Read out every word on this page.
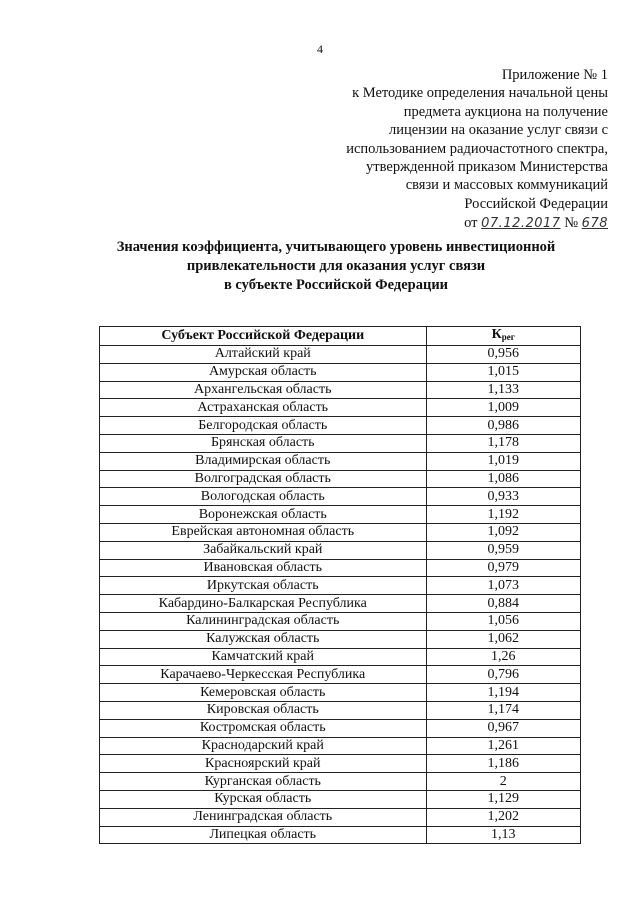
4
Приложение № 1
к Методике определения начальной цены
предмета аукциона на получение
лицензии на оказание услуг связи с
использованием радиочастотного спектра,
утвержденной приказом Министерства
связи и массовых коммуникаций
Российской Федерации
от 07.12.2017 № 678
Значения коэффициента, учитывающего уровень инвестиционной
привлекательности для оказания услуг связи
в субъекте Российской Федерации
Субъект Российской Федерации	Крег
Алтайский край	0,956
Амурская область	1,015
Архангельская область	1,133
Астраханская область	1,009
Белгородская область	0,986
Брянская область	1,178
Владимирская область	1,019
Волгоградская область	1,086
Вологодская область	0,933
Воронежская область	1,192
Еврейская автономная область	1,092
Забайкальский край	0,959
Ивановская область	0,979
Иркутская область	1,073
Кабардино-Балкарская Республика	0,884
Калининградская область	1,056
Калужская область	1,062
Камчатский край	1,26
Карачаево-Черкесская Республика	0,796
Кемеровская область	1,194
Кировская область	1,174
Костромская область	0,967
Краснодарский край	1,261
Красноярский край	1,186
Курганская область	2
Курская область	1,129
Ленинградская область	1,202
Липецкая область	1,13
